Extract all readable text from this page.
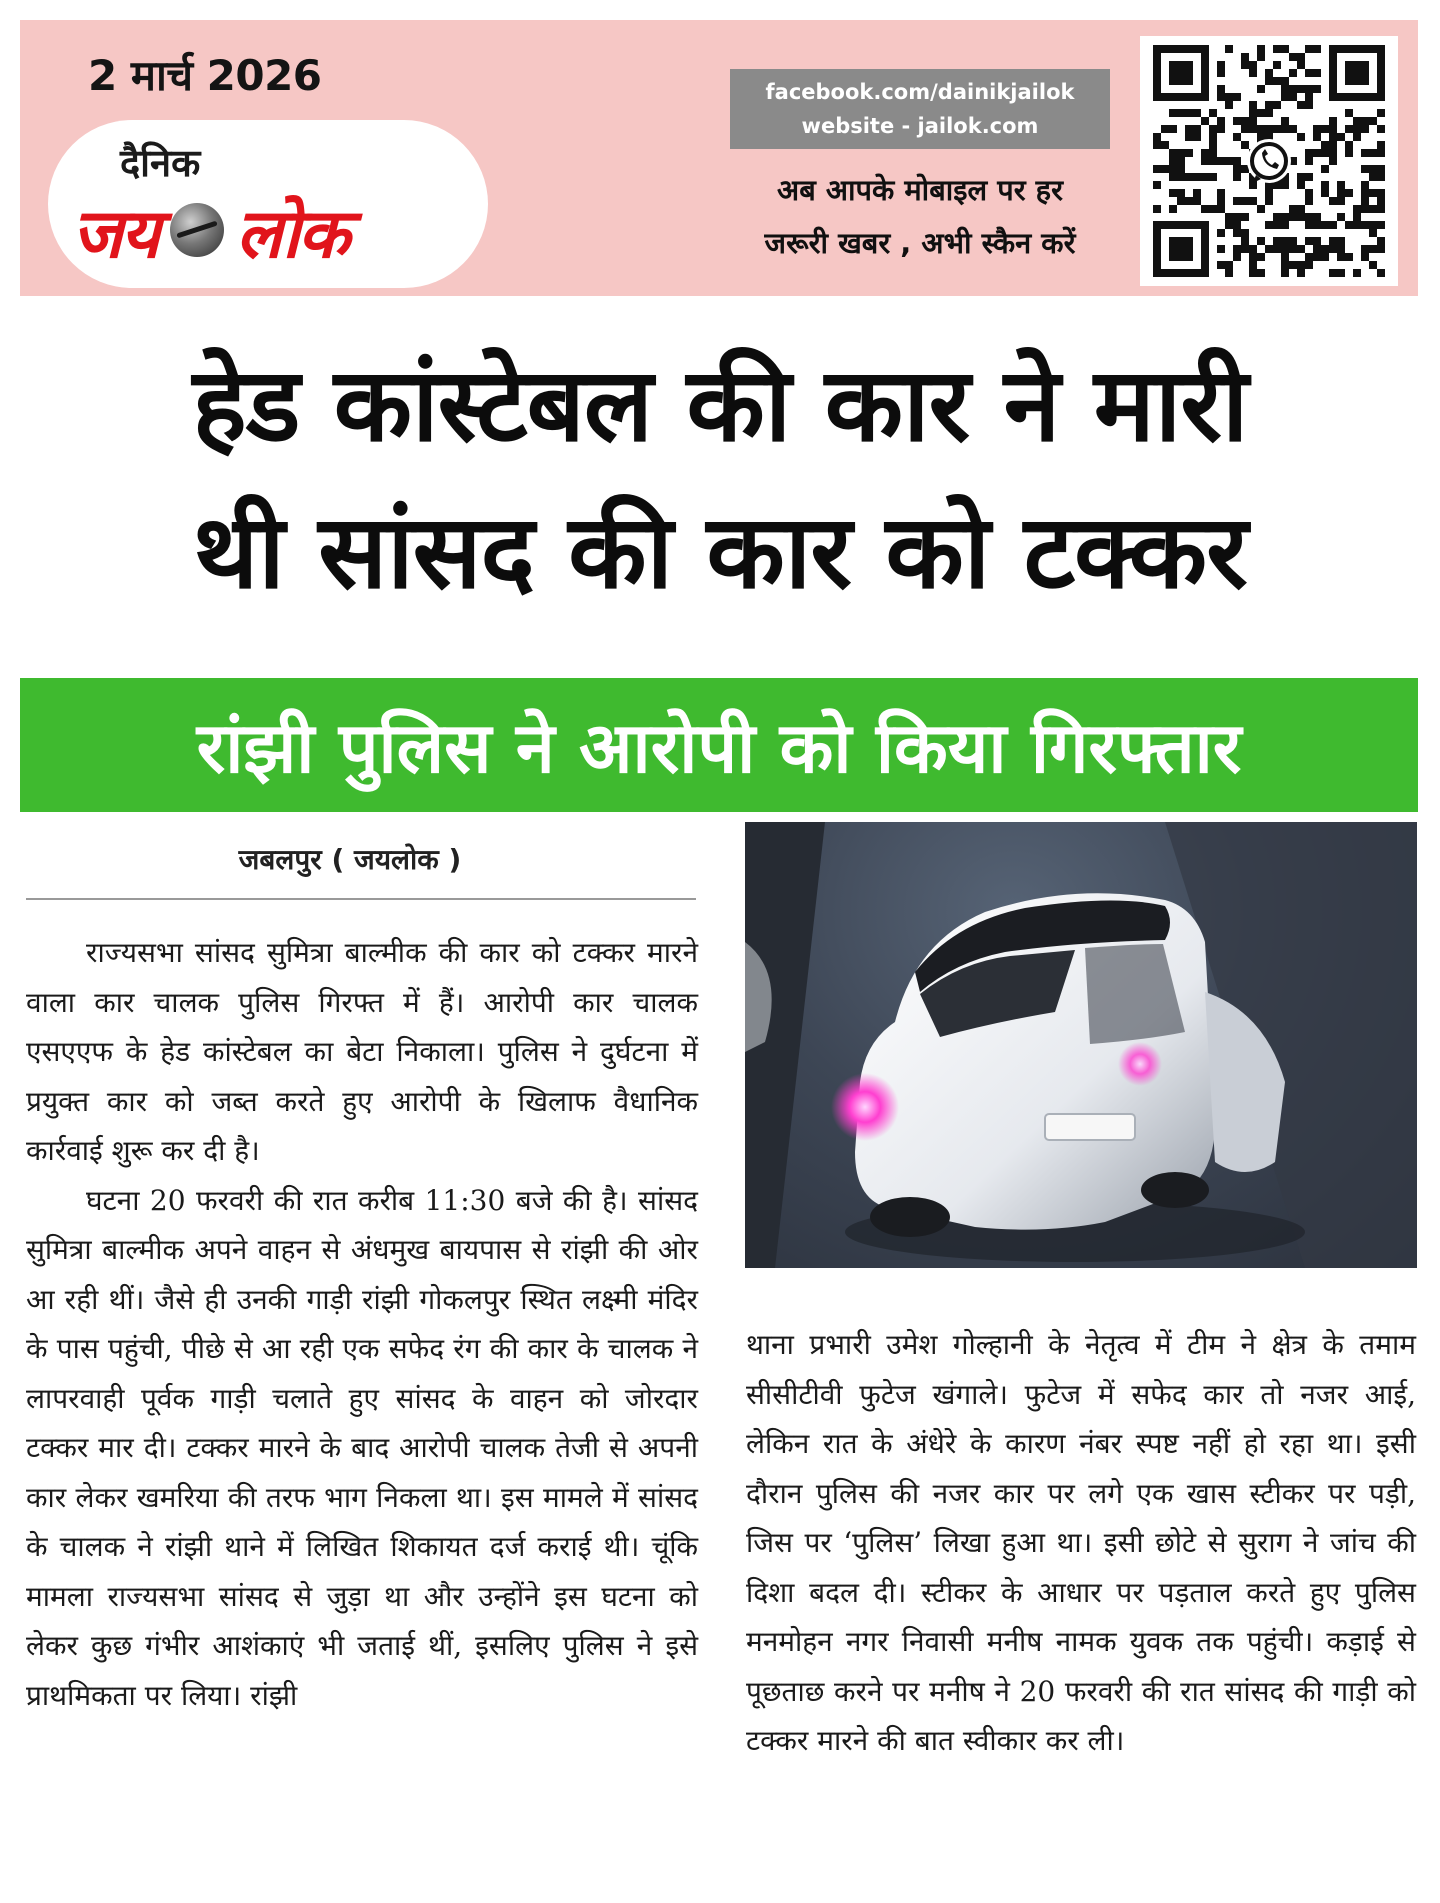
2 मार्च 2026
दैनिक
जय लोक
facebook.com/dainikjailok
website - jailok.com
अब आपके मोबाइल पर हर
जरूरी खबर , अभी स्कैन करें
हेड कांस्टेबल की कार ने मारी
थी सांसद की कार को टक्कर
रांझी पुलिस ने आरोपी को किया गिरफ्तार
जबलपुर ( जयलोक )

राज्यसभा सांसद सुमित्रा बाल्मीक की कार को टक्कर मारने वाला कार चालक पुलिस गिरफ्त में हैं। आरोपी कार चालक एसएएफ के हेड कांस्टेबल का बेटा निकाला। पुलिस ने दुर्घटना में प्रयुक्त कार को जब्त करते हुए आरोपी के खिलाफ वैधानिक कार्रवाई शुरू कर दी है।

घटना 20 फरवरी की रात करीब 11:30 बजे की है। सांसद सुमित्रा बाल्मीक अपने वाहन से अंधमुख बायपास से रांझी की ओर आ रही थीं। जैसे ही उनकी गाड़ी रांझी गोकलपुर स्थित लक्ष्मी मंदिर के पास पहुंची, पीछे से आ रही एक सफेद रंग की कार के चालक ने लापरवाही पूर्वक गाड़ी चलाते हुए सांसद के वाहन को जोरदार टक्कर मार दी। टक्कर मारने के बाद आरोपी चालक तेजी से अपनी कार लेकर खमरिया की तरफ भाग निकला था। इस मामले में सांसद के चालक ने रांझी थाने में लिखित शिकायत दर्ज कराई थी। चूंकि मामला राज्यसभा सांसद से जुड़ा था और उन्होंने इस घटना को लेकर कुछ गंभीर आशंकाएं भी जताई थीं, इसलिए पुलिस ने इसे प्राथमिकता पर लिया। रांझी

थाना प्रभारी उमेश गोल्हानी के नेतृत्व में टीम ने क्षेत्र के तमाम सीसीटीवी फुटेज खंगाले। फुटेज में सफेद कार तो नजर आई, लेकिन रात के अंधेरे के कारण नंबर स्पष्ट नहीं हो रहा था। इसी दौरान पुलिस की नजर कार पर लगे एक खास स्टीकर पर पड़ी, जिस पर ‘पुलिस’ लिखा हुआ था। इसी छोटे से सुराग ने जांच की दिशा बदल दी। स्टीकर के आधार पर पड़ताल करते हुए पुलिस मनमोहन नगर निवासी मनीष नामक युवक तक पहुंची। कड़ाई से पूछताछ करने पर मनीष ने 20 फरवरी की रात सांसद की गाड़ी को टक्कर मारने की बात स्वीकार कर ली।
